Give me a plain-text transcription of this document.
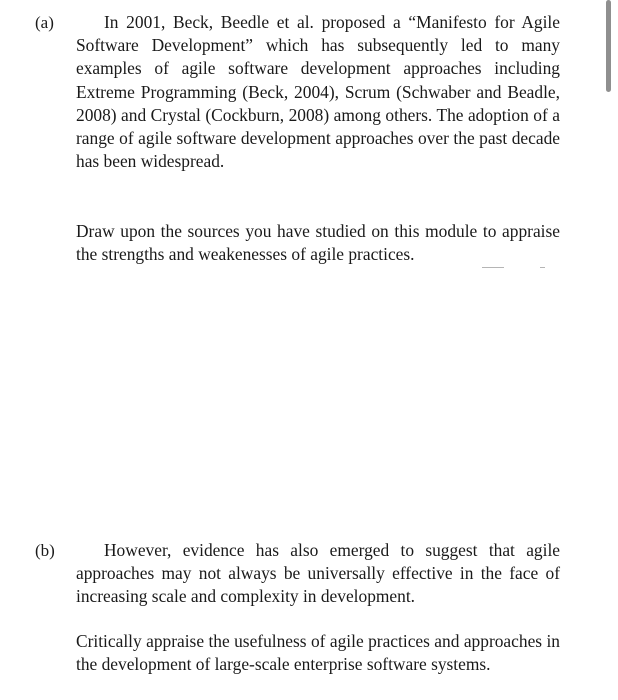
(a)	In 2001, Beck, Beedle et al. proposed a “Manifesto for Agile Software Development” which has subsequently led to many examples of agile software development approaches including Extreme Programming (Beck, 2004), Scrum (Schwaber and Beadle, 2008) and Crystal (Cockburn, 2008) among others. The adoption of a range of agile software development approaches over the past decade has been widespread.
Draw upon the sources you have studied on this module to appraise the strengths and weakenesses of agile practices.
(b)	However, evidence has also emerged to suggest that agile approaches may not always be universally effective in the face of increasing scale and complexity in development.
Critically appraise the usefulness of agile practices and approaches in the development of large-scale enterprise software systems.
